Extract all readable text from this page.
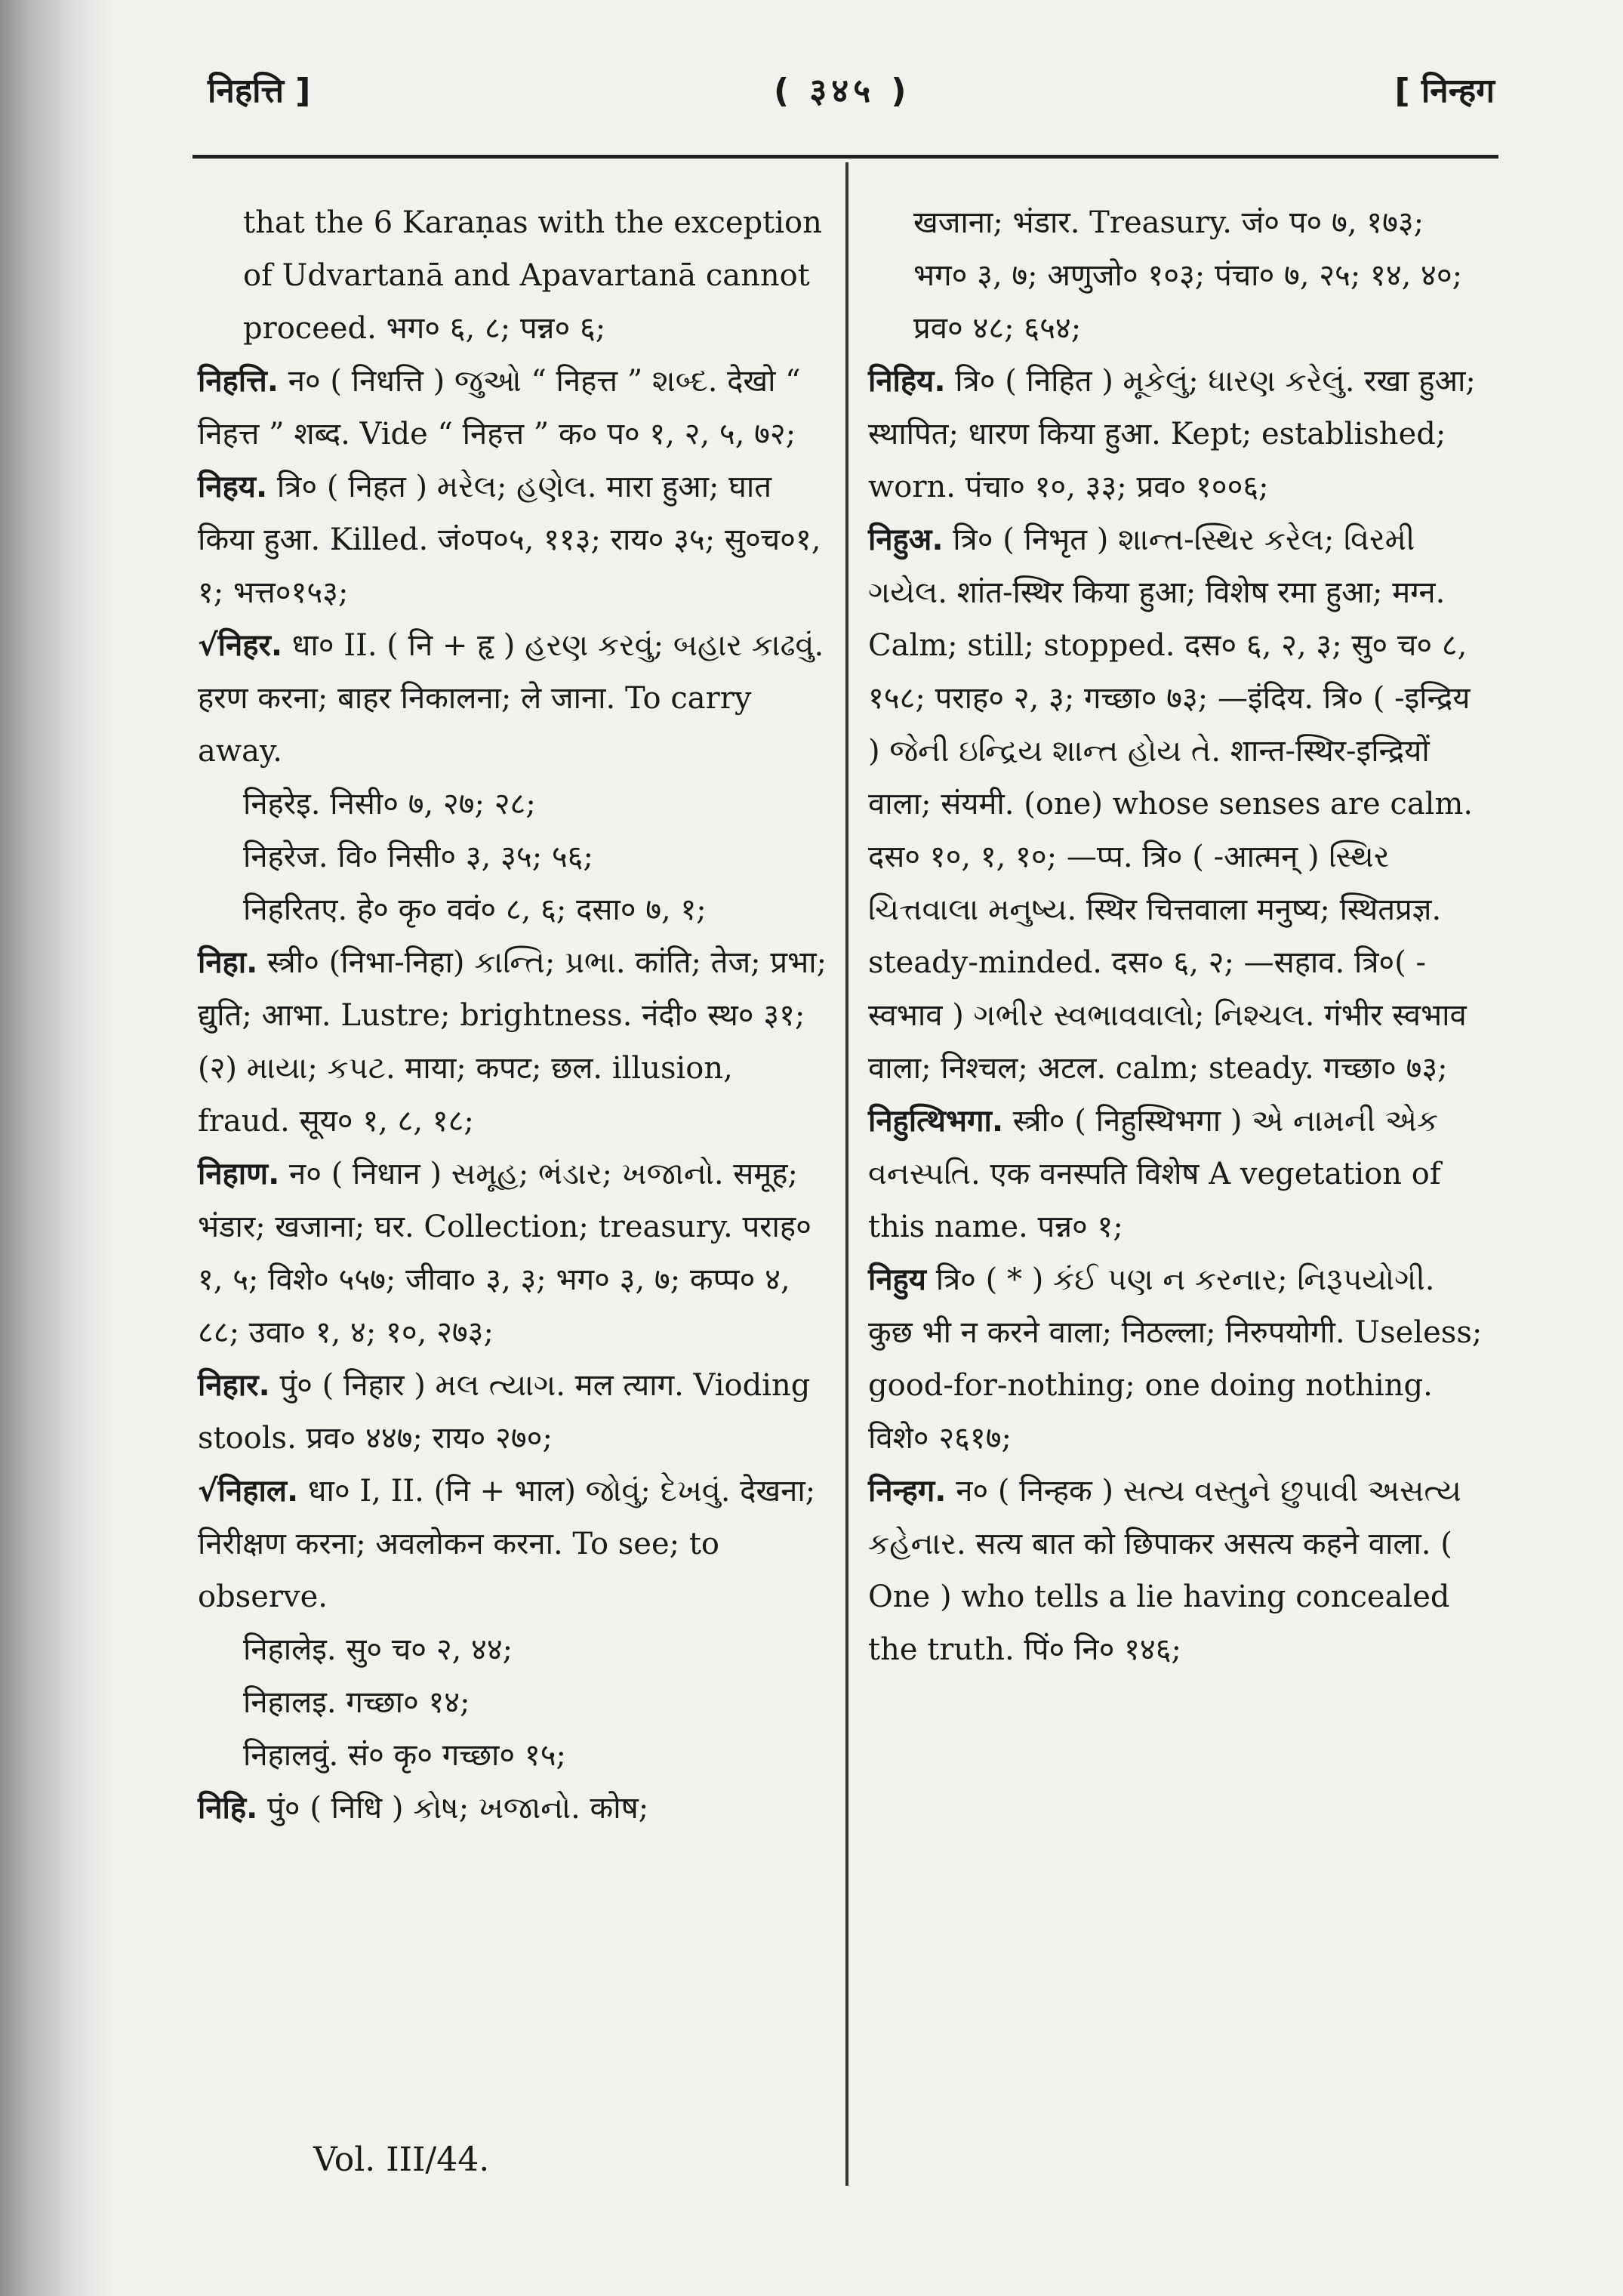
निहत्ति ]	( ३४५ )	[ निन्हग

that the 6 Karaṇas with the exception of Udvartanā and Apavartanā cannot proceed. भग० ६, ८; पन्न० ६;

निहत्ति. न० ( निधत्ति ) જુઓ “ निहत्त ” શબ્દ. देखो “ निहत्त ” शब्द. Vide “ निहत्त ” क० प० १, २, ५, ७२;

निहय. त्रि० ( निहत ) મરેલ; હણેલ. मारा हुआ; घात किया हुआ. Killed. जं०प०५, ११३; राय० ३५; सु०च०१, १; भत्त०१५३;

√निहर. धा० II. ( नि + हृ ) હરણ કરવું; બહાર કાઢવું. हरण करना; बाहर निकालना; ले जाना. To carry away.

निहरेइ. निसी० ७, २७; २८;

निहरेज. वि० निसी० ३, ३५; ५६;

निहरितए. हे० कृ० ववं० ८, ६; दसा० ७, १;

निहा. स्त्री० (निभा-निहा) કાન્તિ; પ્રભા. कांति; तेज; प्रभा; द्युति; आभा. Lustre; brightness. नंदी० स्थ० ३१; (२) માયા; કપટ. माया; कपट; छल. illusion, fraud. सूय० १, ८, १८;

निहाण. न० ( निधान ) સમૂહ; ભંડાર; ખજાનો. समूह; भंडार; खजाना; घर. Collection; treasury. पराह० १, ५; विशे० ५५७; जीवा० ३, ३; भग० ३, ७; कप्प० ४, ८८; उवा० १, ४; १०, २७३;

निहार. पुं० ( निहार ) મલ ત્યાગ. मल त्याग. Vioding stools. प्रव० ४४७; राय० २७०;

√निहाल. धा० I, II. (नि + भाल) જોવું; દેખવું. देखना; निरीक्षण करना; अवलोकन करना. To see; to observe.

निहालेइ. सु० च० २, ४४;

निहालइ. गच्छा० १४;

निहालवुं. सं० कृ० गच्छा० १५;

निहि. पुं० ( निधि ) કોષ; ખજાનો. कोष;

खजाना; भंडार. Treasury. जं० प० ७, १७३; भग० ३, ७; अणुजो० १०३; पंचा० ७, २५; १४, ४०; प्रव० ४८; ६५४;

निहिय. त्रि० ( निहित ) મૂકેલું; ધારણ કરેલું. रखा हुआ; स्थापित; धारण किया हुआ. Kept; established; worn. पंचा० १०, ३३; प्रव० १००६;

निहुअ. त्रि० ( निभृत ) શાન્ત-સ્થિર કરેલ; વિરમી ગયેલ. शांत-स्थिर किया हुआ; विशेष रमा हुआ; मग्न. Calm; still; stopped. दस० ६, २, ३; सु० च० ८, १५८; पराह० २, ३; गच्छा० ७३; —इंदिय. त्रि० ( -इन्द्रिय ) જેની ઇન્દ્રિય શાન્ત હોય તે. शान्त-स्थिर-इन्द्रियों वाला; संयमी. (one) whose senses are calm. दस० १०, १, १०; —प्प. त्रि० ( -आत्मन् ) સ્થિર ચિત્તવાલા મનુષ્ય. स्थिर चित्तवाला मनुष्य; स्थितप्रज्ञ. steady-minded. दस० ६, २; —सहाव. त्रि०( -स्वभाव ) ગભીર સ્વભાવવાલો; નિશ્ચલ. गंभीर स्वभाव वाला; निश्चल; अटल. calm; steady. गच्छा० ७३;

निहुत्थिभगा. स्त्री० ( निहुस्थिभगा ) એ નામની એક વનસ્પતિ. एक वनस्पति विशेष A vegetation of this name. पन्न० १;

निहुय त्रि० ( * ) કંઈ પણ ન કરનાર; નિરૂપયોગી. कुछ भी न करने वाला; निठल्ला; निरुपयोगी. Useless; good-for-nothing; one doing nothing. विशे० २६१७;

निन्हग. न० ( निन्हक ) સત્ય વસ્તુને છુપાવી અસત્ય કહેનાર. सत्य बात को छिपाकर असत्य कहने वाला. ( One ) who tells a lie having concealed the truth. पिं० नि० १४६;

Vol. III/44.
